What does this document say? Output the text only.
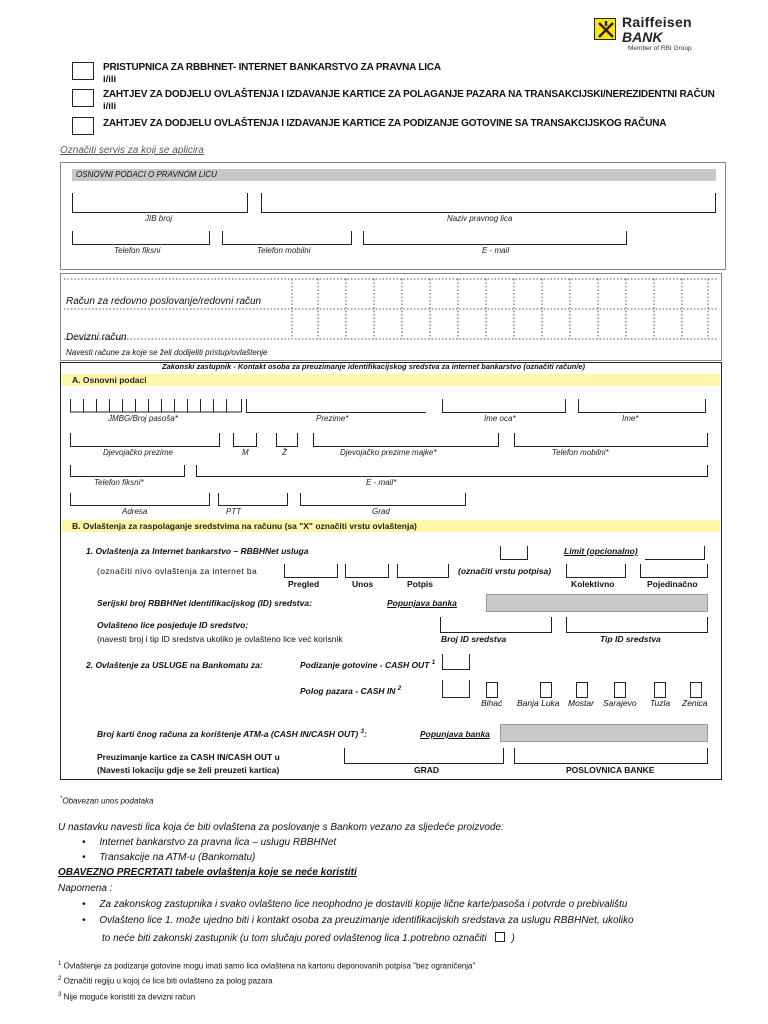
Raiffeisen
BANK
Member of RBI Group
PRISTUPNICA ZA RBBHNET- INTERNET BANKARSTVO ZA PRAVNA LICA
i/ili
ZAHTJEV ZA DODJELU OVLAŠTENJA I IZDAVANJE KARTICE ZA POLAGANJE PAZARA NA TRANSAKCIJSKI/NEREZIDENTNI RAČUN
i/ili
ZAHTJEV ZA DODJELU OVLAŠTENJA I IZDAVANJE KARTICE ZA PODIZANJE GOTOVINE SA TRANSAKCIJSKOG RAČUNA
Označiti servis za koji se aplicira
OSNOVNI PODACI O PRAVNOM LICU
JIB broj	Naziv pravnog lica
Telefon fiksni	Telefon mobilni	E - mail
Račun za redovno poslovanje/redovni račun
Devizni račun
Navesti račune za koje se želi dodijeliti pristup/ovlaštenje
Zakonski zastupnik - Kontakt osoba za preuzimanje identifikacijskog sredstva za internet bankarstvo (označiti račun/e)
A. Osnovni podaci
JMBG/Broj pasoša*	Prezime*	Ime oca*	Ime*
Djevojačko prezime	M	Ž	Djevojačko prezime majke*	Telefon mobilni*
Telefon fiksni*	E - mail*
Adresa	PTT	Grad
B. Ovlaštenja za raspolaganje sredstvima na računu (sa "X" označiti vrstu ovlaštenja)
1. Ovlaštenja za Internet bankarstvo – RBBHNet usluga	Limit (opcionalno)
(označiti nivo ovlaštenja za internet ba
Pregled	Unos	Potpis
(označiti vrstu potpisa)
Kolektivno	Pojedinačno
Serijski broj RBBHNet identifikacijskog (ID) sredstva:	Popunjava banka
Ovlašteno lice posjeduje ID sredstvo:
(navesti broj i tip ID sredstva ukoliko je ovlašteno lice već korisnik	Broj ID sredstva	Tip ID sredstva
2. Ovlaštenje za USLUGE na Bankomatu za:	Podizanje gotovine - CASH OUT $^1$
Polog pazara - CASH IN $^2$
Bihać Banja Luka Mostar Sarajevo Tuzla Zenica
Broj karti čnog računa za korištenje ATM-a (CASH IN/CASH OUT) $^3$:	Popunjava banka
Preuzimanje kartice za CASH IN/CASH OUT u
(Navesti lokaciju gdje se želi preuzeti kartica)	GRAD	POSLOVNICA BANKE
*Obavezan unos podataka
U nastavku navesti lica koja će biti ovlaštena za poslovanje s Bankom vezano za sljedeće proizvode:
•     Internet bankarstvo za pravna lica – uslugu RBBHNet
•     Transakcije na ATM-u (Bankomatu)
OBAVEZNO PRECRTATI tabele ovlaštenja koje se neće koristiti
Napomena :
•     Za zakonskog zastupnika i svako ovlašteno lice neophodno je dostaviti kopije lične karte/pasoša i potvrde o prebivalištu
•     Ovlašteno lice 1. može ujedno biti i kontakt osoba za preuzimanje identifikacijskih sredstava za uslugu RBBHNet, ukoliko
to neće biti zakonski zastupnik (u tom slučaju pored ovlaštenog lica 1.potrebno označiti )
$^1$ Ovlaštenje za podizanje gotovine mogu imati samo lica ovlaštena na kartonu deponovanih potpisa "bez ograničenja"
$^2$ Označiti regiju u kojoj će lice biti ovlašteno za polog pazara
$^3$ Nije moguće koristiti za devizni račun
